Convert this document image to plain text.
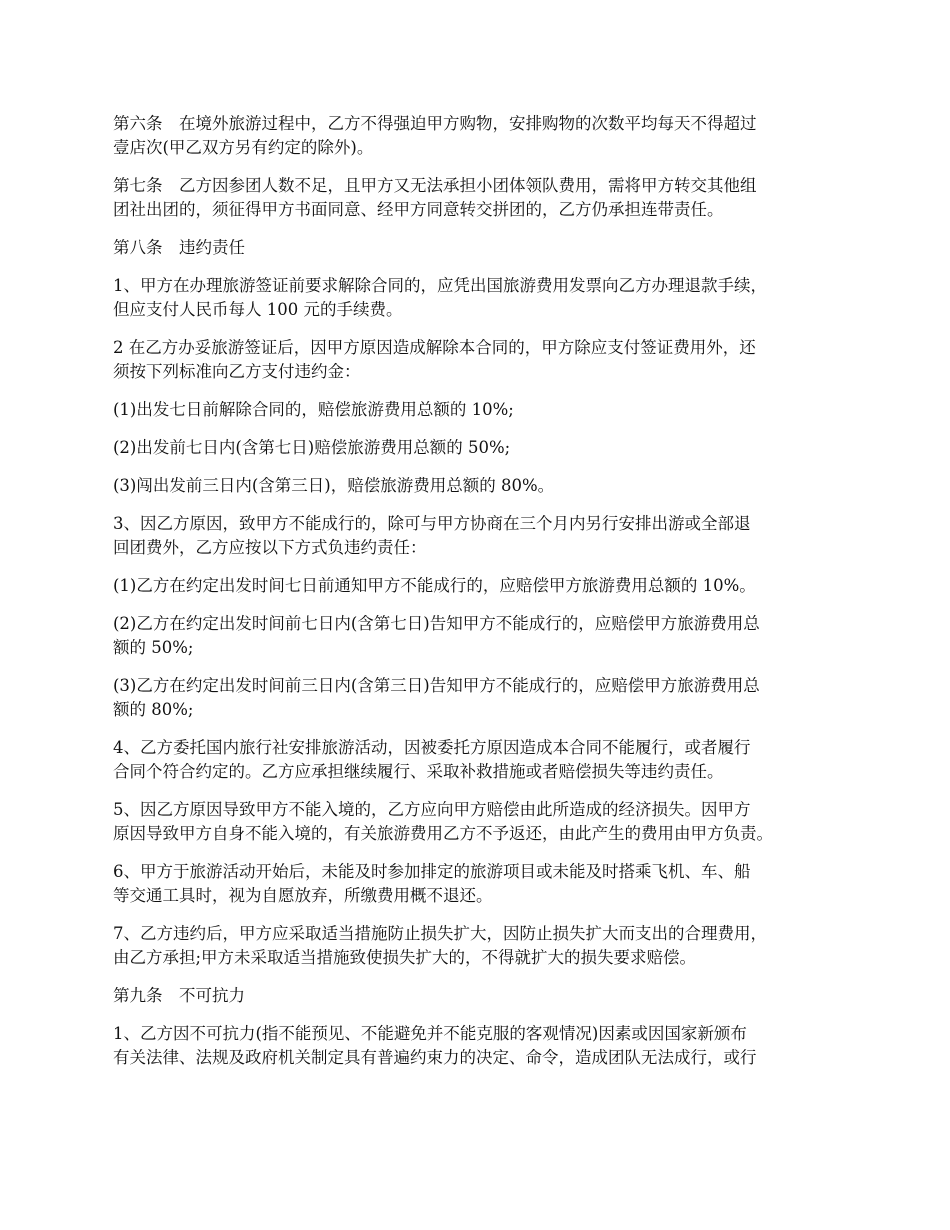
第六条　在境外旅游过程中，乙方不得强迫甲方购物，安排购物的次数平均每天不得超过
壹店次(甲乙双方另有约定的除外)。

第七条　乙方因参团人数不足，且甲方又无法承担小团体领队费用，需将甲方转交其他组
团社出团的，须征得甲方书面同意、经甲方同意转交拼团的，乙方仍承担连带责任。

第八条　违约责任

1、甲方在办理旅游签证前要求解除合同的，应凭出国旅游费用发票向乙方办理退款手续，
但应支付人民币每人 100 元的手续费。

2 在乙方办妥旅游签证后，因甲方原因造成解除本合同的，甲方除应支付签证费用外，还
须按下列标准向乙方支付违约金：

(1)出发七日前解除合同的，赔偿旅游费用总额的 10%;

(2)出发前七日内(含第七日)赔偿旅游费用总额的 50%;

(3)闯出发前三日内(含第三日)，赔偿旅游费用总额的 80%。

3、因乙方原因，致甲方不能成行的，除可与甲方协商在三个月内另行安排出游或全部退
回团费外，乙方应按以下方式负违约责任：

(1)乙方在约定出发时间七日前通知甲方不能成行的，应赔偿甲方旅游费用总额的 10%。

(2)乙方在约定出发时间前七日内(含第七日)告知甲方不能成行的，应赔偿甲方旅游费用总
额的 50%;

(3)乙方在约定出发时间前三日内(含第三日)告知甲方不能成行的，应赔偿甲方旅游费用总
额的 80%;

4、乙方委托国内旅行社安排旅游活动，因被委托方原因造成本合同不能履行，或者履行
合同个符合约定的。乙方应承担继续履行、采取补救措施或者赔偿损失等违约责任。

5、因乙方原因导致甲方不能入境的，乙方应向甲方赔偿由此所造成的经济损失。因甲方
原因导致甲方自身不能入境的，有关旅游费用乙方不予返还，由此产生的费用由甲方负责。

6、甲方于旅游活动开始后，未能及时参加排定的旅游项目或未能及时搭乘飞机、车、船
等交通工具时，视为自愿放弃，所缴费用概不退还。

7、乙方违约后，甲方应采取适当措施防止损失扩大，因防止损失扩大而支出的合理费用，
由乙方承担;甲方未采取适当措施致使损失扩大的，不得就扩大的损失要求赔偿。

第九条　不可抗力

1、乙方因不可抗力(指不能预见、不能避免并不能克服的客观情况)因素或因国家新颁布
有关法律、法规及政府机关制定具有普遍约束力的决定、命令，造成团队无法成行，或行
